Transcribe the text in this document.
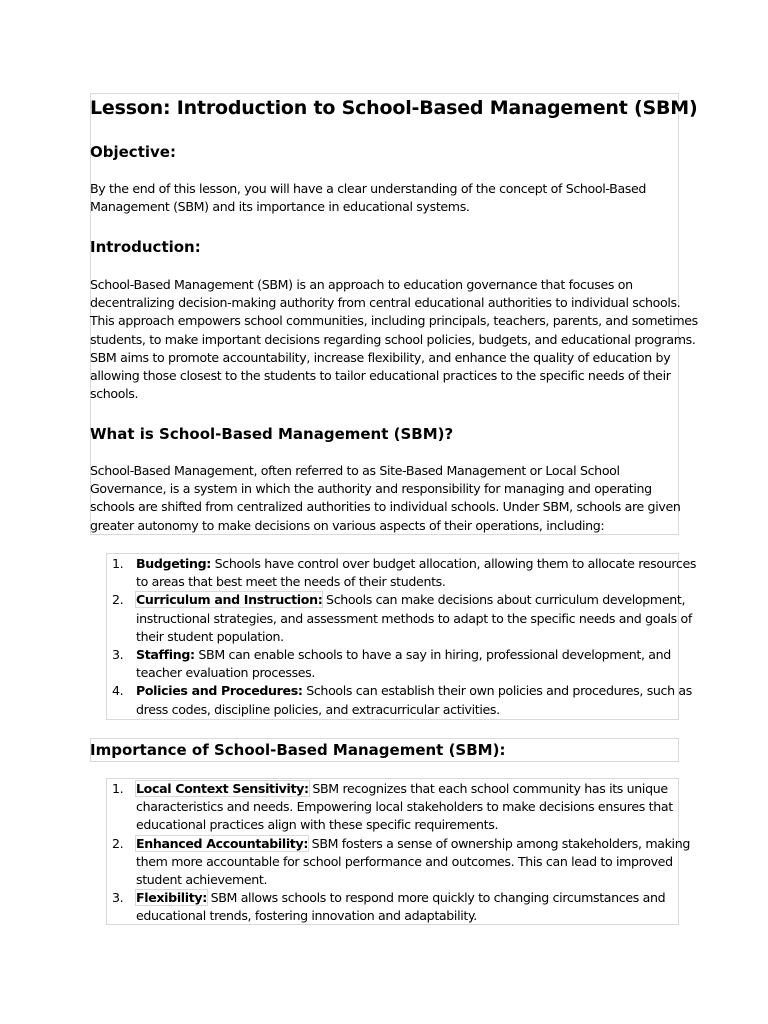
Lesson: Introduction to School-Based Management (SBM)
Objective:

By the end of this lesson, you will have a clear understanding of the concept of School-Based
Management (SBM) and its importance in educational systems.

Introduction:

School-Based Management (SBM) is an approach to education governance that focuses on
decentralizing decision-making authority from central educational authorities to individual schools.
This approach empowers school communities, including principals, teachers, parents, and sometimes
students, to make important decisions regarding school policies, budgets, and educational programs.
SBM aims to promote accountability, increase flexibility, and enhance the quality of education by
allowing those closest to the students to tailor educational practices to the specific needs of their
schools.

What is School-Based Management (SBM)?

School-Based Management, often referred to as Site-Based Management or Local School
Governance, is a system in which the authority and responsibility for managing and operating
schools are shifted from centralized authorities to individual schools. Under SBM, schools are given
greater autonomy to make decisions on various aspects of their operations, including:

1. Budgeting: Schools have control over budget allocation, allowing them to allocate resources
to areas that best meet the needs of their students.
2. Curriculum and Instruction: Schools can make decisions about curriculum development,
instructional strategies, and assessment methods to adapt to the specific needs and goals of
their student population.
3. Staffing: SBM can enable schools to have a say in hiring, professional development, and
teacher evaluation processes.
4. Policies and Procedures: Schools can establish their own policies and procedures, such as
dress codes, discipline policies, and extracurricular activities.
Importance of School-Based Management (SBM):
1. Local Context Sensitivity: SBM recognizes that each school community has its unique
characteristics and needs. Empowering local stakeholders to make decisions ensures that
educational practices align with these specific requirements.
2. Enhanced Accountability: SBM fosters a sense of ownership among stakeholders, making
them more accountable for school performance and outcomes. This can lead to improved
student achievement.
3. Flexibility: SBM allows schools to respond more quickly to changing circumstances and
educational trends, fostering innovation and adaptability.
